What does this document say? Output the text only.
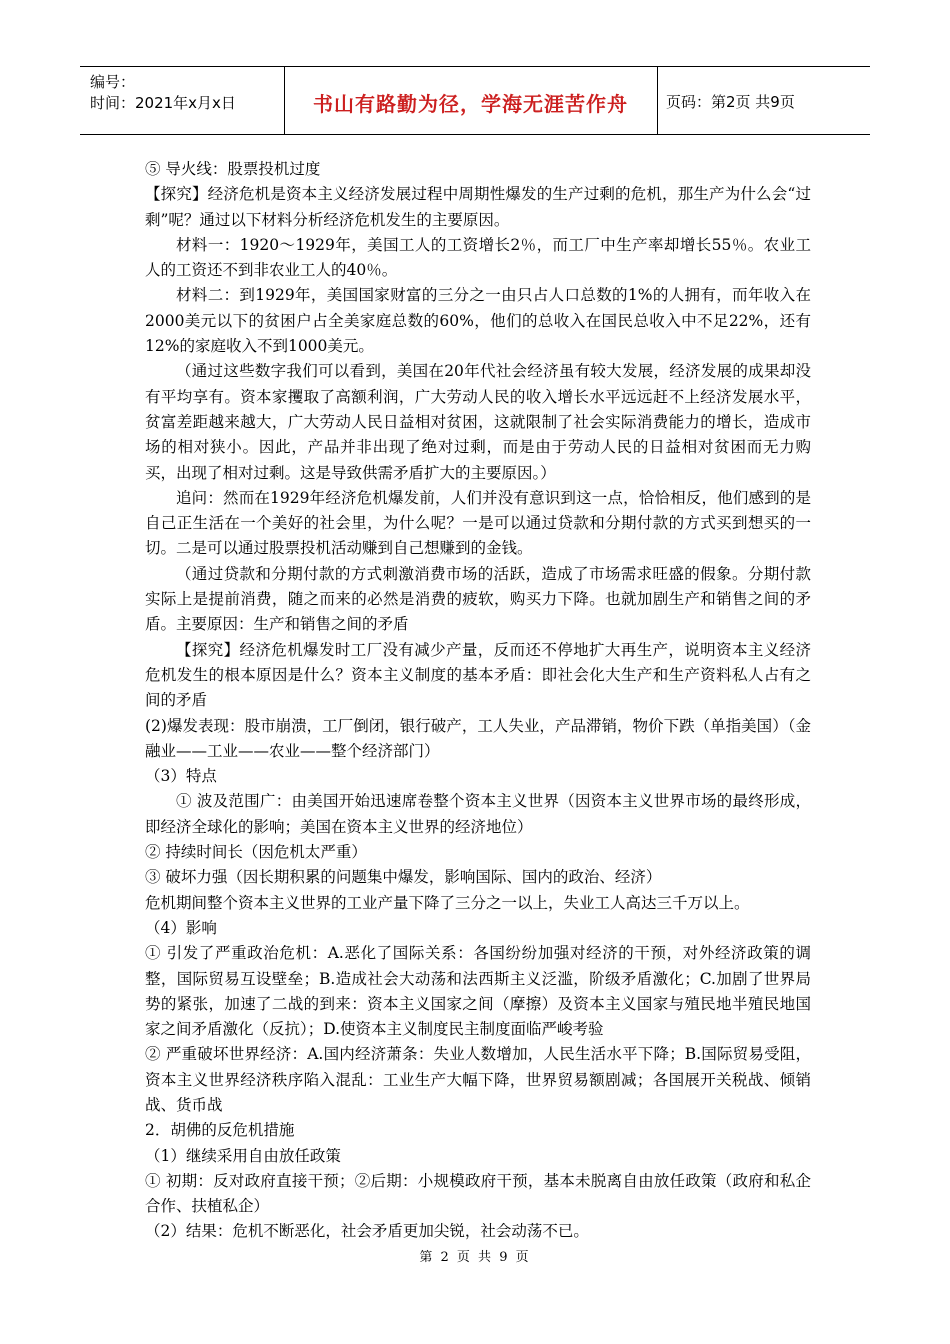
编号：
时间：2021年x月x日	书山有路勤为径，学海无涯苦作舟	页码：第2页 共9页

⑤ 导火线：股票投机过度

【探究】经济危机是资本主义经济发展过程中周期性爆发的生产过剩的危机，那生产为什么会“过剩”呢？通过以下材料分析经济危机发生的主要原因。

材料一：1920～1929年，美国工人的工资增长2％，而工厂中生产率却增长55％。农业工人的工资还不到非农业工人的40％。

材料二：到1929年，美国国家财富的三分之一由只占人口总数的1%的人拥有，而年收入在2000美元以下的贫困户占全美家庭总数的60%，他们的总收入在国民总收入中不足22%，还有12%的家庭收入不到1000美元。

（通过这些数字我们可以看到，美国在20年代社会经济虽有较大发展，经济发展的成果却没有平均享有。资本家攫取了高额利润，广大劳动人民的收入增长水平远远赶不上经济发展水平，贫富差距越来越大，广大劳动人民日益相对贫困，这就限制了社会实际消费能力的增长，造成市场的相对狭小。因此，产品并非出现了绝对过剩，而是由于劳动人民的日益相对贫困而无力购买，出现了相对过剩。这是导致供需矛盾扩大的主要原因。）

追问：然而在1929年经济危机爆发前，人们并没有意识到这一点，恰恰相反，他们感到的是自己正生活在一个美好的社会里，为什么呢？一是可以通过贷款和分期付款的方式买到想买的一切。二是可以通过股票投机活动赚到自己想赚到的金钱。

（通过贷款和分期付款的方式刺激消费市场的活跃，造成了市场需求旺盛的假象。分期付款实际上是提前消费，随之而来的必然是消费的疲软，购买力下降。也就加剧生产和销售之间的矛盾。主要原因：生产和销售之间的矛盾

【探究】经济危机爆发时工厂没有减少产量，反而还不停地扩大再生产，说明资本主义经济危机发生的根本原因是什么？资本主义制度的基本矛盾：即社会化大生产和生产资料私人占有之间的矛盾

(2)爆发表现：股市崩溃，工厂倒闭，银行破产，工人失业，产品滞销，物价下跌（单指美国）（金融业——工业——农业——整个经济部门）

（3）特点

① 波及范围广：由美国开始迅速席卷整个资本主义世界（因资本主义世界市场的最终形成，即经济全球化的影响；美国在资本主义世界的经济地位）

② 持续时间长（因危机太严重）

③ 破坏力强（因长期积累的问题集中爆发，影响国际、国内的政治、经济）

危机期间整个资本主义世界的工业产量下降了三分之一以上，失业工人高达三千万以上。

（4）影响

① 引发了严重政治危机：A.恶化了国际关系：各国纷纷加强对经济的干预，对外经济政策的调整，国际贸易互设壁垒；B.造成社会大动荡和法西斯主义泛滥，阶级矛盾激化；C.加剧了世界局势的紧张，加速了二战的到来：资本主义国家之间（摩擦）及资本主义国家与殖民地半殖民地国家之间矛盾激化（反抗）；D.使资本主义制度民主制度面临严峻考验

② 严重破坏世界经济：A.国内经济萧条：失业人数增加，人民生活水平下降；B.国际贸易受阻，资本主义世界经济秩序陷入混乱：工业生产大幅下降，世界贸易额剧减；各国展开关税战、倾销战、货币战

2．胡佛的反危机措施

（1）继续采用自由放任政策

① 初期：反对政府直接干预；②后期：小规模政府干预，基本未脱离自由放任政策（政府和私企合作、扶植私企）

（2）结果：危机不断恶化，社会矛盾更加尖锐，社会动荡不已。

第 2 页 共 9 页
